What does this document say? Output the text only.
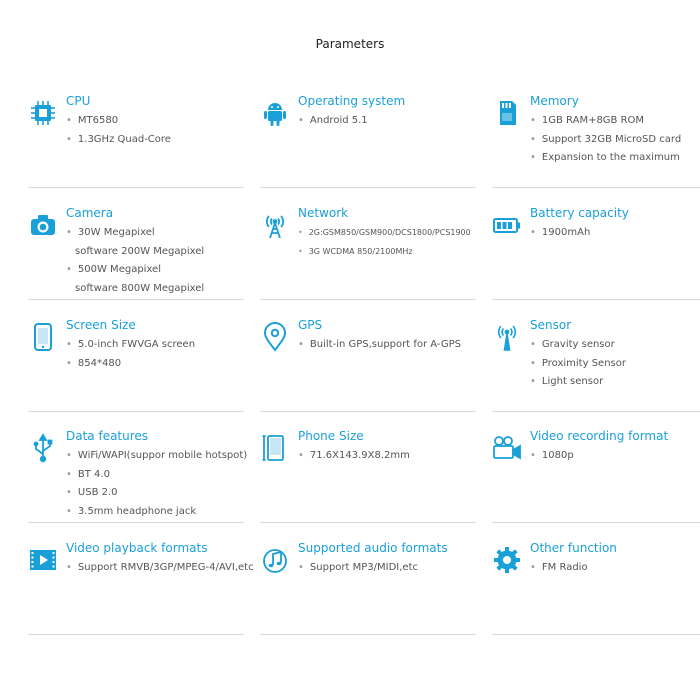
Parameters
CPU
• MT6580
• 1.3GHz Quad-Core
Operating system
• Android 5.1
Memory
• 1GB RAM+8GB ROM
• Support 32GB MicroSD card
• Expansion to the maximum
Camera
• 30W Megapixel
software 200W Megapixel
• 500W Megapixel
software 800W Megapixel
Network
• 2G:GSM850/GSM900/DCS1800/PCS1900
• 3G WCDMA 850/2100MHz
Battery capacity
• 1900mAh
Screen Size
• 5.0-inch FWVGA screen
• 854*480
GPS
• Built-in GPS,support for A-GPS
Sensor
• Gravity sensor
• Proximity Sensor
• Light sensor
Data features
• WiFi/WAPI(suppor mobile hotspot)
• BT 4.0
• USB 2.0
• 3.5mm headphone jack
Phone Size
• 71.6X143.9X8.2mm
Video recording format
• 1080p
Video playback formats
• Support RMVB/3GP/MPEG-4/AVI,etc
Supported audio formats
• Support MP3/MIDI,etc
Other function
• FM Radio
